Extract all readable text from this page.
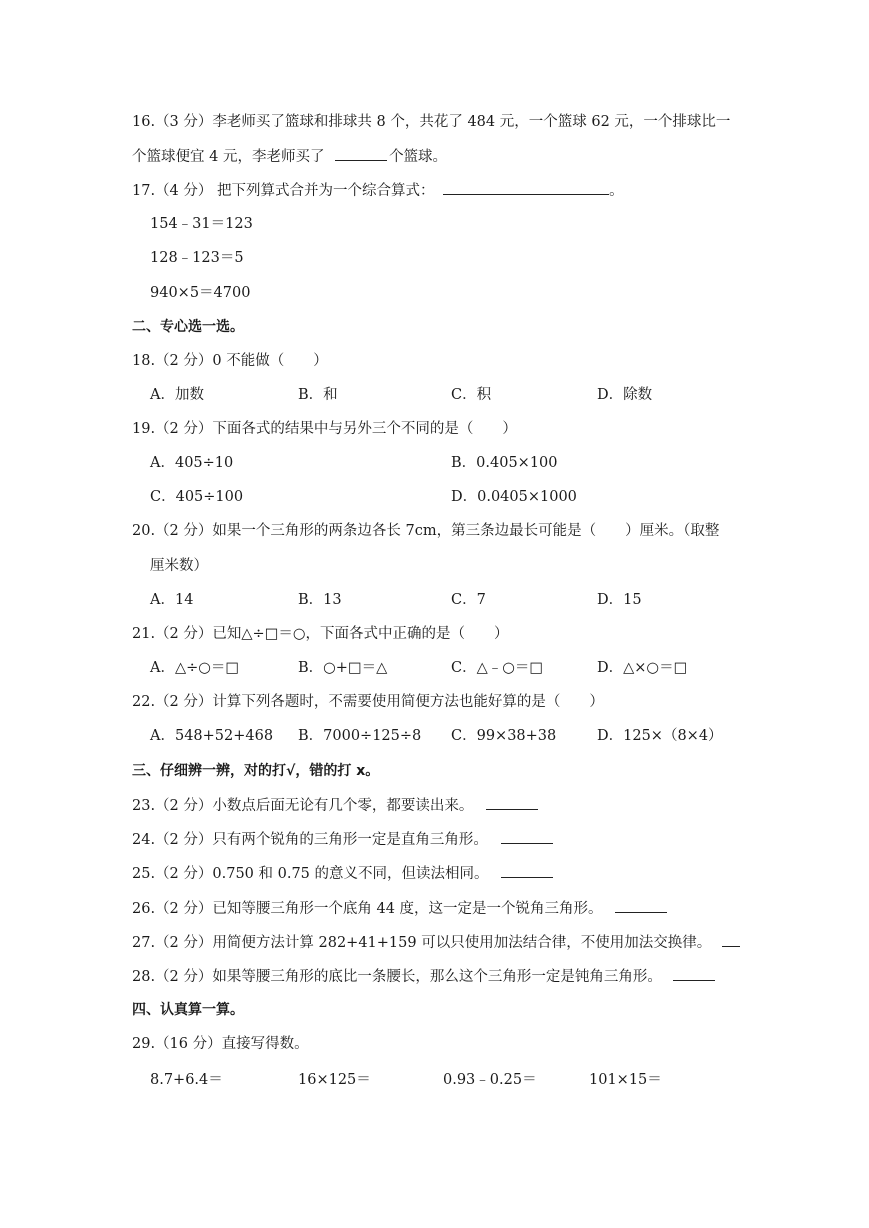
16.（3 分）李老师买了篮球和排球共 8 个，共花了 484 元，一个篮球 62 元，一个排球比一
个篮球便宜 4 元，李老师买了	个篮球。
17.（4 分） 把下列算式合并为一个综合算式：	。
154﹣31＝123
128﹣123＝5
940×5＝4700
二、专心选一选。
18.（2 分）0 不能做（　　）
A．加数	B．和	C．积	D．除数
19.（2 分）下面各式的结果中与另外三个不同的是（　　）
A．405÷10	B．0.405×100
C．405÷100	D．0.0405×1000
20.（2 分）如果一个三角形的两条边各长 7cm，第三条边最长可能是（　　）厘米。（取整
厘米数）
A．14	B．13	C．7	D．15
21.（2 分）已知△÷□＝○，下面各式中正确的是（　　）
A．△÷○＝□	B．○+□＝△	C．△﹣○＝□	D．△×○＝□
22.（2 分）计算下列各题时，不需要使用简便方法也能好算的是（　　）
A．548+52+468 B．7000÷125÷8 C．99×38+38	D．125×（8×4）
三、仔细辨一辨，对的打√，错的打 x。
23.（2 分）小数点后面无论有几个零，都要读出来。
24.（2 分）只有两个锐角的三角形一定是直角三角形。
25.（2 分）0.750 和 0.75 的意义不同，但读法相同。
26.（2 分）已知等腰三角形一个底角 44 度，这一定是一个锐角三角形。
27.（2 分）用简便方法计算 282+41+159 可以只使用加法结合律，不使用加法交换律。
28.（2 分）如果等腰三角形的底比一条腰长，那么这个三角形一定是钝角三角形。
四、认真算一算。
29.（16 分）直接写得数。
8.7+6.4＝	16×125＝	0.93﹣0.25＝	101×15＝
